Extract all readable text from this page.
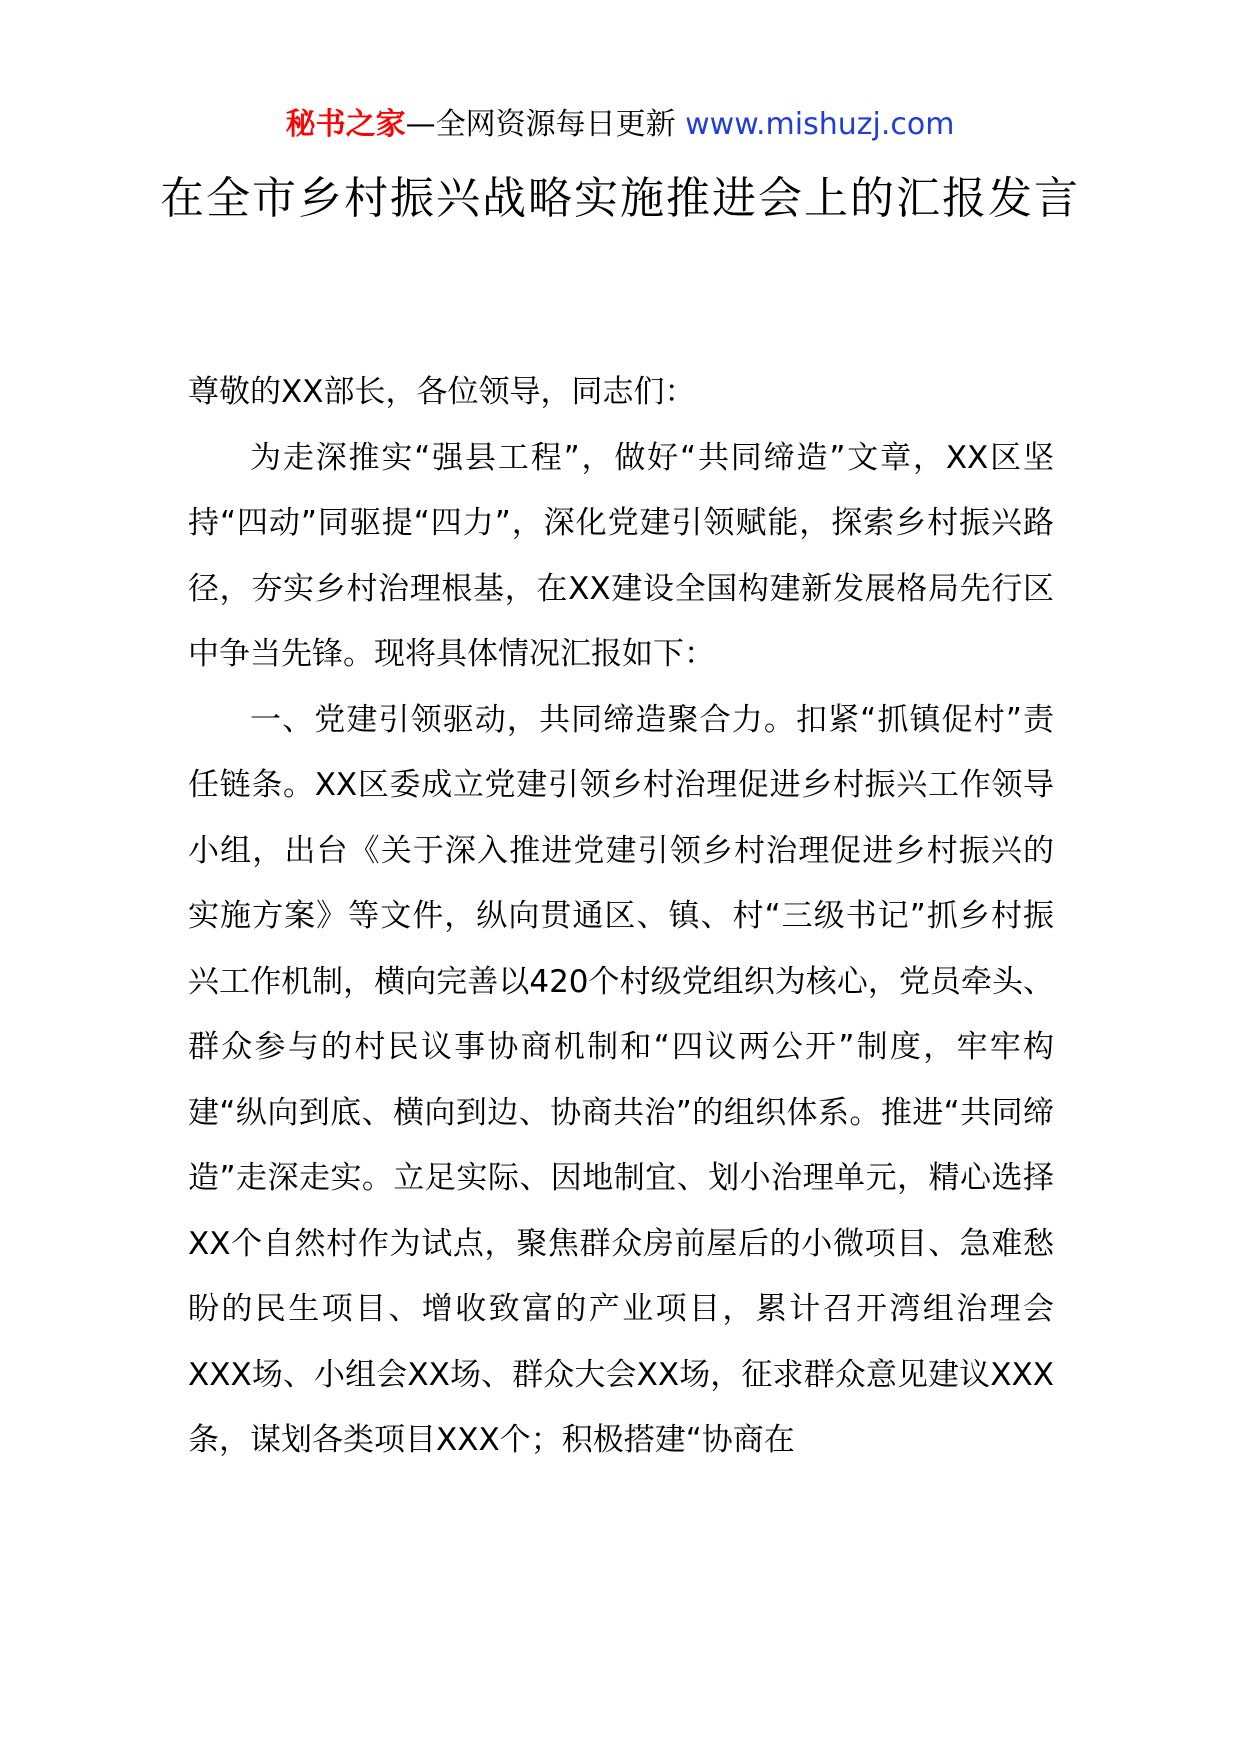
秘书之家—全网资源每日更新 www.mishuzj.com
在全市乡村振兴战略实施推进会上的汇报发言

尊敬的XX部长，各位领导，同志们：

为走深推实“强县工程”，做好“共同缔造”文章，XX区坚持“四动”同驱提“四力”，深化党建引领赋能，探索乡村振兴路径，夯实乡村治理根基，在XX建设全国构建新发展格局先行区中争当先锋。现将具体情况汇报如下：

一、党建引领驱动，共同缔造聚合力。扣紧“抓镇促村”责任链条。XX区委成立党建引领乡村治理促进乡村振兴工作领导小组，出台《关于深入推进党建引领乡村治理促进乡村振兴的实施方案》等文件，纵向贯通区、镇、村“三级书记”抓乡村振兴工作机制，横向完善以420个村级党组织为核心，党员牵头、群众参与的村民议事协商机制和“四议两公开”制度，牢牢构建“纵向到底、横向到边、协商共治”的组织体系。推进“共同缔造”走深走实。立足实际、因地制宜、划小治理单元，精心选择XX个自然村作为试点，聚焦群众房前屋后的小微项目、急难愁盼的民生项目、增收致富的产业项目，累计召开湾组治理会XXX场、小组会XX场、群众大会XX场，征求群众意见建议XXX条，谋划各类项目XXX个；积极搭建“协商在
